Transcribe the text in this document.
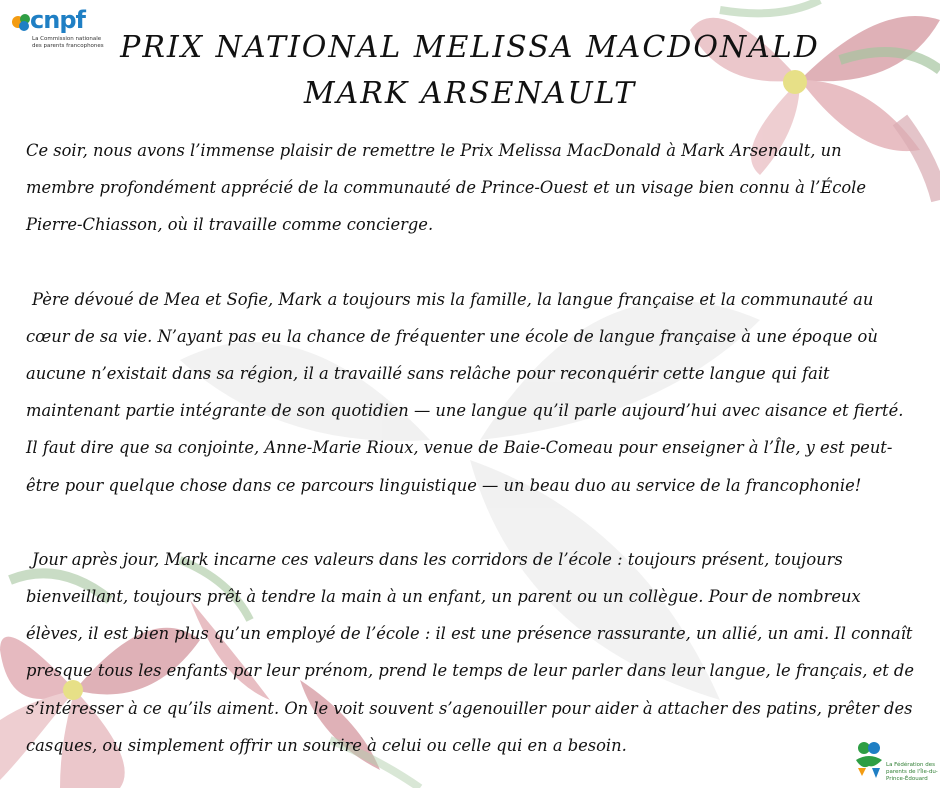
cnpf
La Commission nationale des parents francophones PRIX NATIONAL MELISSA MACDONALD
MARK ARSENAULT

Ce soir, nous avons l’immense plaisir de remettre le Prix Melissa MacDonald à Mark Arsenault, un membre profondément apprécié de la communauté de Prince-Ouest et un visage bien connu à l’École Pierre-Chiasson, où il travaille comme concierge.

Père dévoué de Mea et Sofie, Mark a toujours mis la famille, la langue française et la communauté au cœur de sa vie. N’ayant pas eu la chance de fréquenter une école de langue française à une époque où aucune n’existait dans sa région, il a travaillé sans relâche pour reconquérir cette langue qui fait maintenant partie intégrante de son quotidien — une langue qu’il parle aujourd’hui avec aisance et fierté. Il faut dire que sa conjointe, Anne-Marie Rioux, venue de Baie-Comeau pour enseigner à l’Île, y est peut-être pour quelque chose dans ce parcours linguistique — un beau duo au service de la francophonie!

Jour après jour, Mark incarne ces valeurs dans les corridors de l’école : toujours présent, toujours bienveillant, toujours prêt à tendre la main à un enfant, un parent ou un collègue. Pour de nombreux élèves, il est bien plus qu’un employé de l’école : il est une présence rassurante, un allié, un ami. Il connaît presque tous les enfants par leur prénom, prend le temps de leur parler dans leur langue, le français, et de s’intéresser à ce qu’ils aiment. On le voit souvent s’agenouiller pour aider à attacher des patins, prêter des casques, ou simplement offrir un sourire à celui ou celle qui en a besoin.

La Fédération des parents de l'Île-du-Prince-Édouard
